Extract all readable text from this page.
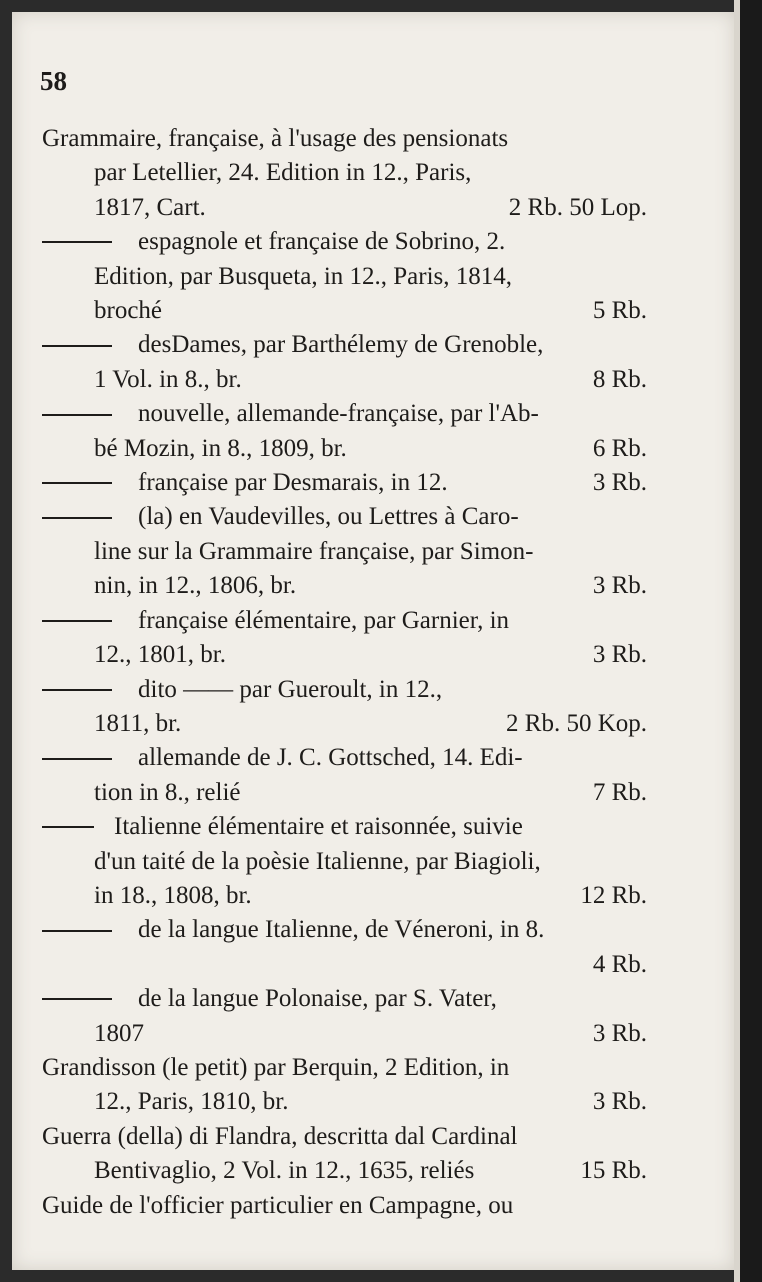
58
Grammaire, française, à l'usage des pensionats
par Letellier, 24. Edition in 12., Paris,
1817, Cart.	2 Rb. 50 Lop.
espagnole et française de Sobrino, 2.
Edition, par Busqueta, in 12., Paris, 1814,
broché	5 Rb.
desDames, par Barthélemy de Grenoble,
1 Vol. in 8., br.	8 Rb.
nouvelle, allemande-française, par l'Ab-
bé Mozin, in 8., 1809, br.	6 Rb.
française par Desmarais, in 12.	3 Rb.
(la) en Vaudevilles, ou Lettres à Caro-
line sur la Grammaire française, par Simon-
nin, in 12., 1806, br.	3 Rb.
française élémentaire, par Garnier, in
12., 1801, br.	3 Rb.
dito —— par Gueroult, in 12.,
1811, br.	2 Rb. 50 Kop.
allemande de J. C. Gottsched, 14. Edi-
tion in 8., relié	7 Rb.
Italienne élémentaire et raisonnée, suivie
d'un taité de la poèsie Italienne, par Biagioli,
in 18., 1808, br.	12 Rb.
de la langue Italienne, de Véneroni, in 8.
4 Rb.
de la langue Polonaise, par S. Vater,
1807	3 Rb.
Grandisson (le petit) par Berquin, 2 Edition, in
12., Paris, 1810, br.	3 Rb.
Guerra (della) di Flandra, descritta dal Cardinal
Bentivaglio, 2 Vol. in 12., 1635, reliés	15 Rb.
Guide de l'officier particulier en Campagne, ou
